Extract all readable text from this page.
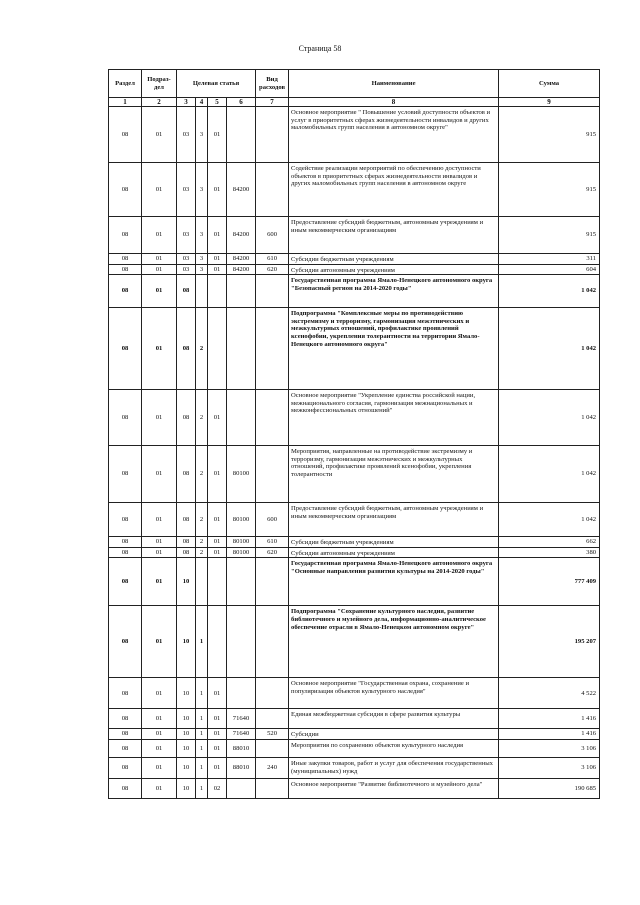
Страница 58
Раздел	Подраз-дел	Целевая статья				Вид расходов	Наименование	Сумма
1	2	3	4	5	6	7	8	9
08	01	03	3	01			Основное мероприятие " Повышение условий доступности объектов и услуг в приоритетных сферах жизнедеятельности инвалидов и других маломобильных групп населения в автономном округе"	915
08	01	03	3	01	84200		Содействие реализации мероприятий по обеспечению доступности объектов в приоритетных сферах жизнедеятельности инвалидов и других маломобильных групп населения в автономном округе	915
08	01	03	3	01	84200	600	Предоставление субсидий бюджетным, автономным учреждениям и иным некоммерческим организациям	915
08	01	03	3	01	84200	610	Субсидии бюджетным учреждениям	311
08	01	03	3	01	84200	620	Субсидии автономным учреждениям	604
08	01	08					Государственная программа Ямало-Ненецкого автономного округа "Безопасный регион на 2014-2020 годы"	1 042
08	01	08	2				Подпрограмма "Комплексные меры по противодействию экстремизму и терроризму, гармонизация межэтнических и межкультурных отношений, профилактике проявлений ксенофобии, укрепления толерантности на территории Ямало-Ненецкого автономного округа"	1 042
08	01	08	2	01			Основное мероприятие "Укрепление единства российской нации, межнационального согласия, гармонизация межнациональных и межконфессиональных отношений"	1 042
08	01	08	2	01	80100		Мероприятия, направленные на противодействие экстремизму и терроризму, гармонизации межэтнических и межкультурных отношений, профилактике проявлений ксенофобии, укрепления толерантности	1 042
08	01	08	2	01	80100	600	Предоставление субсидий бюджетным, автономным учреждениям и иным некоммерческим организациям	1 042
08	01	08	2	01	80100	610	Субсидии бюджетным учреждениям	662
08	01	08	2	01	80100	620	Субсидии автономным учреждениям	380
08	01	10					Государственная программа Ямало-Ненецкого автономного округа "Основные направления развития культуры на 2014-2020 годы"	777 409
08	01	10	1				Подпрограмма "Сохранение культурного наследия, развитие библиотечного и музейного дела, информационно-аналитическое обеспечение отрасли в Ямало-Ненецком автономном округе"	195 207
08	01	10	1	01			Основное мероприятие "Государственная охрана, сохранение и популяризация объектов культурного наследия"	4 522
08	01	10	1	01	71640		Единая межбюджетная субсидия в сфере развития культуры	1 416
08	01	10	1	01	71640	520	Субсидии	1 416
08	01	10	1	01	88010		Мероприятия по сохранению объектов культурного наследия	3 106
08	01	10	1	01	88010	240	Иные закупки товаров, работ и услуг для обеспечения государственных (муниципальных) нужд	3 106
08	01	10	1	02			Основное мероприятие "Развитие библиотечного и музейного дела"	190 685
